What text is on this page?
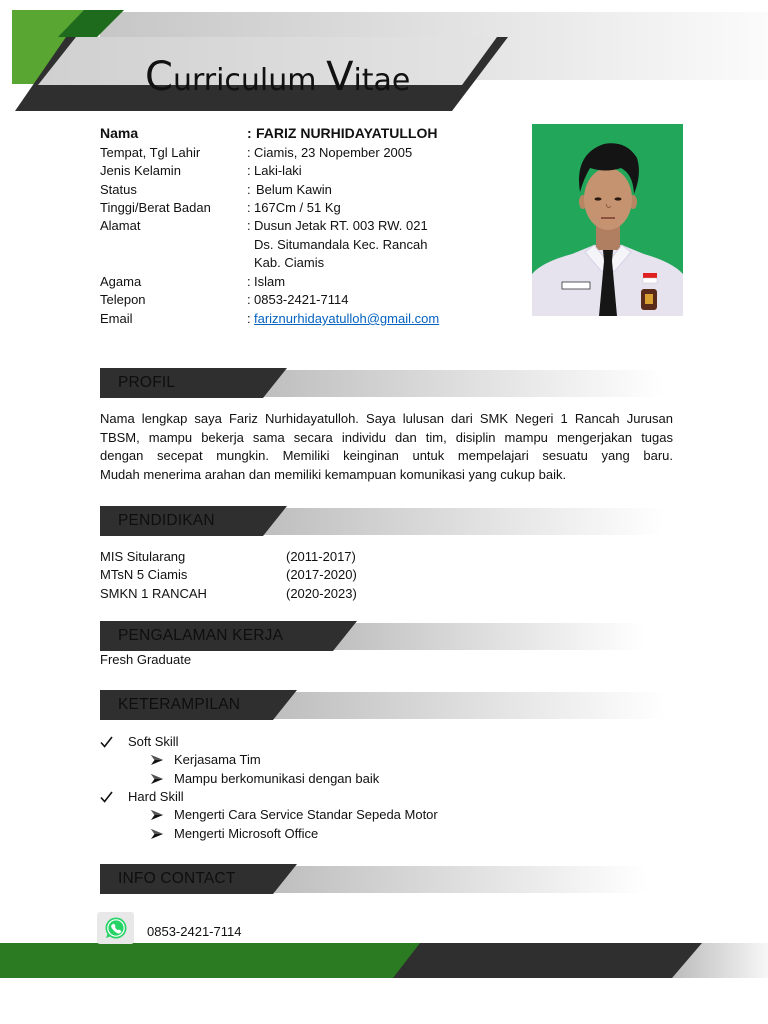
Curriculum Vitae
Nama	: FARIZ NURHIDAYATULLOH
Tempat, Tgl Lahir	: Ciamis, 23 Nopember 2005
Jenis Kelamin	: Laki-laki
Status	: Belum Kawin
Tinggi/Berat Badan	: 167Cm / 51 Kg
Alamat	: Dusun Jetak RT. 003 RW. 021
Ds. Situmandala Kec. Rancah
Kab. Ciamis
Agama	: Islam
Telepon	: 0853-2421-7114
Email	: fariznurhidayatulloh@gmail.com
PROFIL
Nama lengkap saya Fariz Nurhidayatulloh. Saya lulusan dari SMK Negeri 1 Rancah Jurusan
TBSM, mampu bekerja sama secara individu dan tim, disiplin mampu mengerjakan tugas
dengan secepat mungkin. Memiliki keinginan untuk mempelajari sesuatu yang baru.
Mudah menerima arahan dan memiliki kemampuan komunikasi yang cukup baik.
PENDIDIKAN
MIS Sitularang	(2011-2017)
MTsN 5 Ciamis	(2017-2020)
SMKN 1 RANCAH	(2020-2023)
PENGALAMAN KERJA
Fresh Graduate
KETERAMPILAN
Soft Skill
Kerjasama Tim
Mampu berkomunikasi dengan baik
Hard Skill
Mengerti Cara Service Standar Sepeda Motor
Mengerti Microsoft Office
INFO CONTACT
0853-2421-7114
